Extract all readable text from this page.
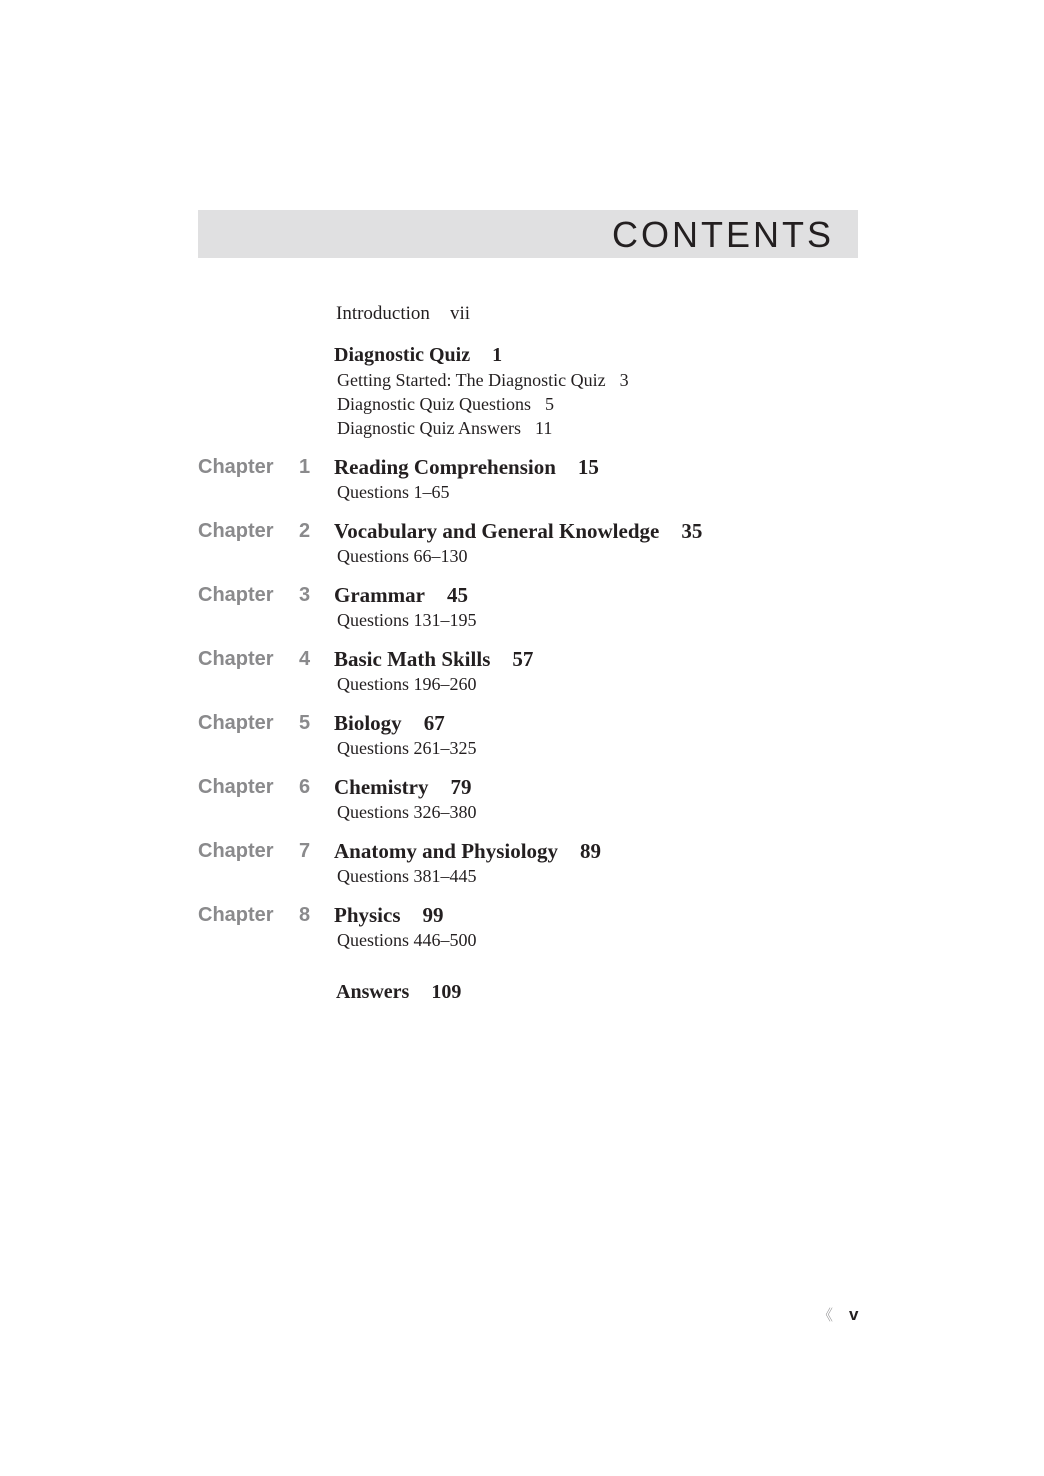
CONTENTS
Introduction vii
Diagnostic Quiz 1
Getting Started: The Diagnostic Quiz 3
Diagnostic Quiz Questions 5
Diagnostic Quiz Answers 11
Chapter 1 Reading Comprehension 15
Questions 1–65
Chapter 2 Vocabulary and General Knowledge 35
Questions 66–130
Chapter 3 Grammar 45
Questions 131–195
Chapter 4 Basic Math Skills 57
Questions 196–260
Chapter 5 Biology 67
Questions 261–325
Chapter 6 Chemistry 79
Questions 326–380
Chapter 7 Anatomy and Physiology 89
Questions 381–445
Chapter 8 Physics 99
Questions 446–500
Answers 109
《 v
